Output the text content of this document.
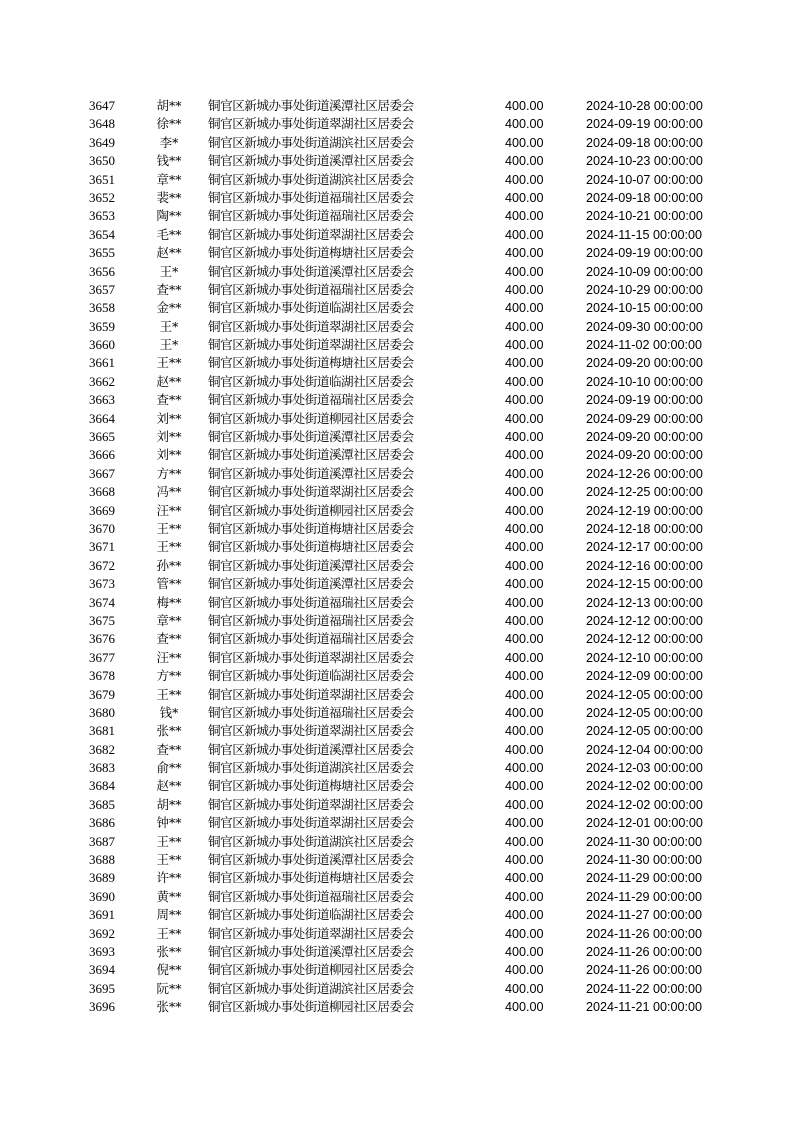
3647	胡**	铜官区新城办事处街道溪潭社区居委会	400.00	2024-10-28 00:00:00
3648	徐**	铜官区新城办事处街道翠湖社区居委会	400.00	2024-09-19 00:00:00
3649	李*	铜官区新城办事处街道湖滨社区居委会	400.00	2024-09-18 00:00:00
3650	钱**	铜官区新城办事处街道溪潭社区居委会	400.00	2024-10-23 00:00:00
3651	章**	铜官区新城办事处街道湖滨社区居委会	400.00	2024-10-07 00:00:00
3652	裴**	铜官区新城办事处街道福瑞社区居委会	400.00	2024-09-18 00:00:00
3653	陶**	铜官区新城办事处街道福瑞社区居委会	400.00	2024-10-21 00:00:00
3654	毛**	铜官区新城办事处街道翠湖社区居委会	400.00	2024-11-15 00:00:00
3655	赵**	铜官区新城办事处街道梅塘社区居委会	400.00	2024-09-19 00:00:00
3656	王*	铜官区新城办事处街道溪潭社区居委会	400.00	2024-10-09 00:00:00
3657	查**	铜官区新城办事处街道福瑞社区居委会	400.00	2024-10-29 00:00:00
3658	金**	铜官区新城办事处街道临湖社区居委会	400.00	2024-10-15 00:00:00
3659	王*	铜官区新城办事处街道翠湖社区居委会	400.00	2024-09-30 00:00:00
3660	王*	铜官区新城办事处街道翠湖社区居委会	400.00	2024-11-02 00:00:00
3661	王**	铜官区新城办事处街道梅塘社区居委会	400.00	2024-09-20 00:00:00
3662	赵**	铜官区新城办事处街道临湖社区居委会	400.00	2024-10-10 00:00:00
3663	查**	铜官区新城办事处街道福瑞社区居委会	400.00	2024-09-19 00:00:00
3664	刘**	铜官区新城办事处街道柳园社区居委会	400.00	2024-09-29 00:00:00
3665	刘**	铜官区新城办事处街道溪潭社区居委会	400.00	2024-09-20 00:00:00
3666	刘**	铜官区新城办事处街道溪潭社区居委会	400.00	2024-09-20 00:00:00
3667	方**	铜官区新城办事处街道溪潭社区居委会	400.00	2024-12-26 00:00:00
3668	冯**	铜官区新城办事处街道翠湖社区居委会	400.00	2024-12-25 00:00:00
3669	汪**	铜官区新城办事处街道柳园社区居委会	400.00	2024-12-19 00:00:00
3670	王**	铜官区新城办事处街道梅塘社区居委会	400.00	2024-12-18 00:00:00
3671	王**	铜官区新城办事处街道梅塘社区居委会	400.00	2024-12-17 00:00:00
3672	孙**	铜官区新城办事处街道溪潭社区居委会	400.00	2024-12-16 00:00:00
3673	管**	铜官区新城办事处街道溪潭社区居委会	400.00	2024-12-15 00:00:00
3674	梅**	铜官区新城办事处街道福瑞社区居委会	400.00	2024-12-13 00:00:00
3675	章**	铜官区新城办事处街道福瑞社区居委会	400.00	2024-12-12 00:00:00
3676	查**	铜官区新城办事处街道福瑞社区居委会	400.00	2024-12-12 00:00:00
3677	汪**	铜官区新城办事处街道翠湖社区居委会	400.00	2024-12-10 00:00:00
3678	方**	铜官区新城办事处街道临湖社区居委会	400.00	2024-12-09 00:00:00
3679	王**	铜官区新城办事处街道翠湖社区居委会	400.00	2024-12-05 00:00:00
3680	钱*	铜官区新城办事处街道福瑞社区居委会	400.00	2024-12-05 00:00:00
3681	张**	铜官区新城办事处街道翠湖社区居委会	400.00	2024-12-05 00:00:00
3682	查**	铜官区新城办事处街道溪潭社区居委会	400.00	2024-12-04 00:00:00
3683	俞**	铜官区新城办事处街道湖滨社区居委会	400.00	2024-12-03 00:00:00
3684	赵**	铜官区新城办事处街道梅塘社区居委会	400.00	2024-12-02 00:00:00
3685	胡**	铜官区新城办事处街道翠湖社区居委会	400.00	2024-12-02 00:00:00
3686	钟**	铜官区新城办事处街道翠湖社区居委会	400.00	2024-12-01 00:00:00
3687	王**	铜官区新城办事处街道湖滨社区居委会	400.00	2024-11-30 00:00:00
3688	王**	铜官区新城办事处街道溪潭社区居委会	400.00	2024-11-30 00:00:00
3689	许**	铜官区新城办事处街道梅塘社区居委会	400.00	2024-11-29 00:00:00
3690	黄**	铜官区新城办事处街道福瑞社区居委会	400.00	2024-11-29 00:00:00
3691	周**	铜官区新城办事处街道临湖社区居委会	400.00	2024-11-27 00:00:00
3692	王**	铜官区新城办事处街道翠湖社区居委会	400.00	2024-11-26 00:00:00
3693	张**	铜官区新城办事处街道溪潭社区居委会	400.00	2024-11-26 00:00:00
3694	倪**	铜官区新城办事处街道柳园社区居委会	400.00	2024-11-26 00:00:00
3695	阮**	铜官区新城办事处街道湖滨社区居委会	400.00	2024-11-22 00:00:00
3696	张**	铜官区新城办事处街道柳园社区居委会	400.00	2024-11-21 00:00:00
